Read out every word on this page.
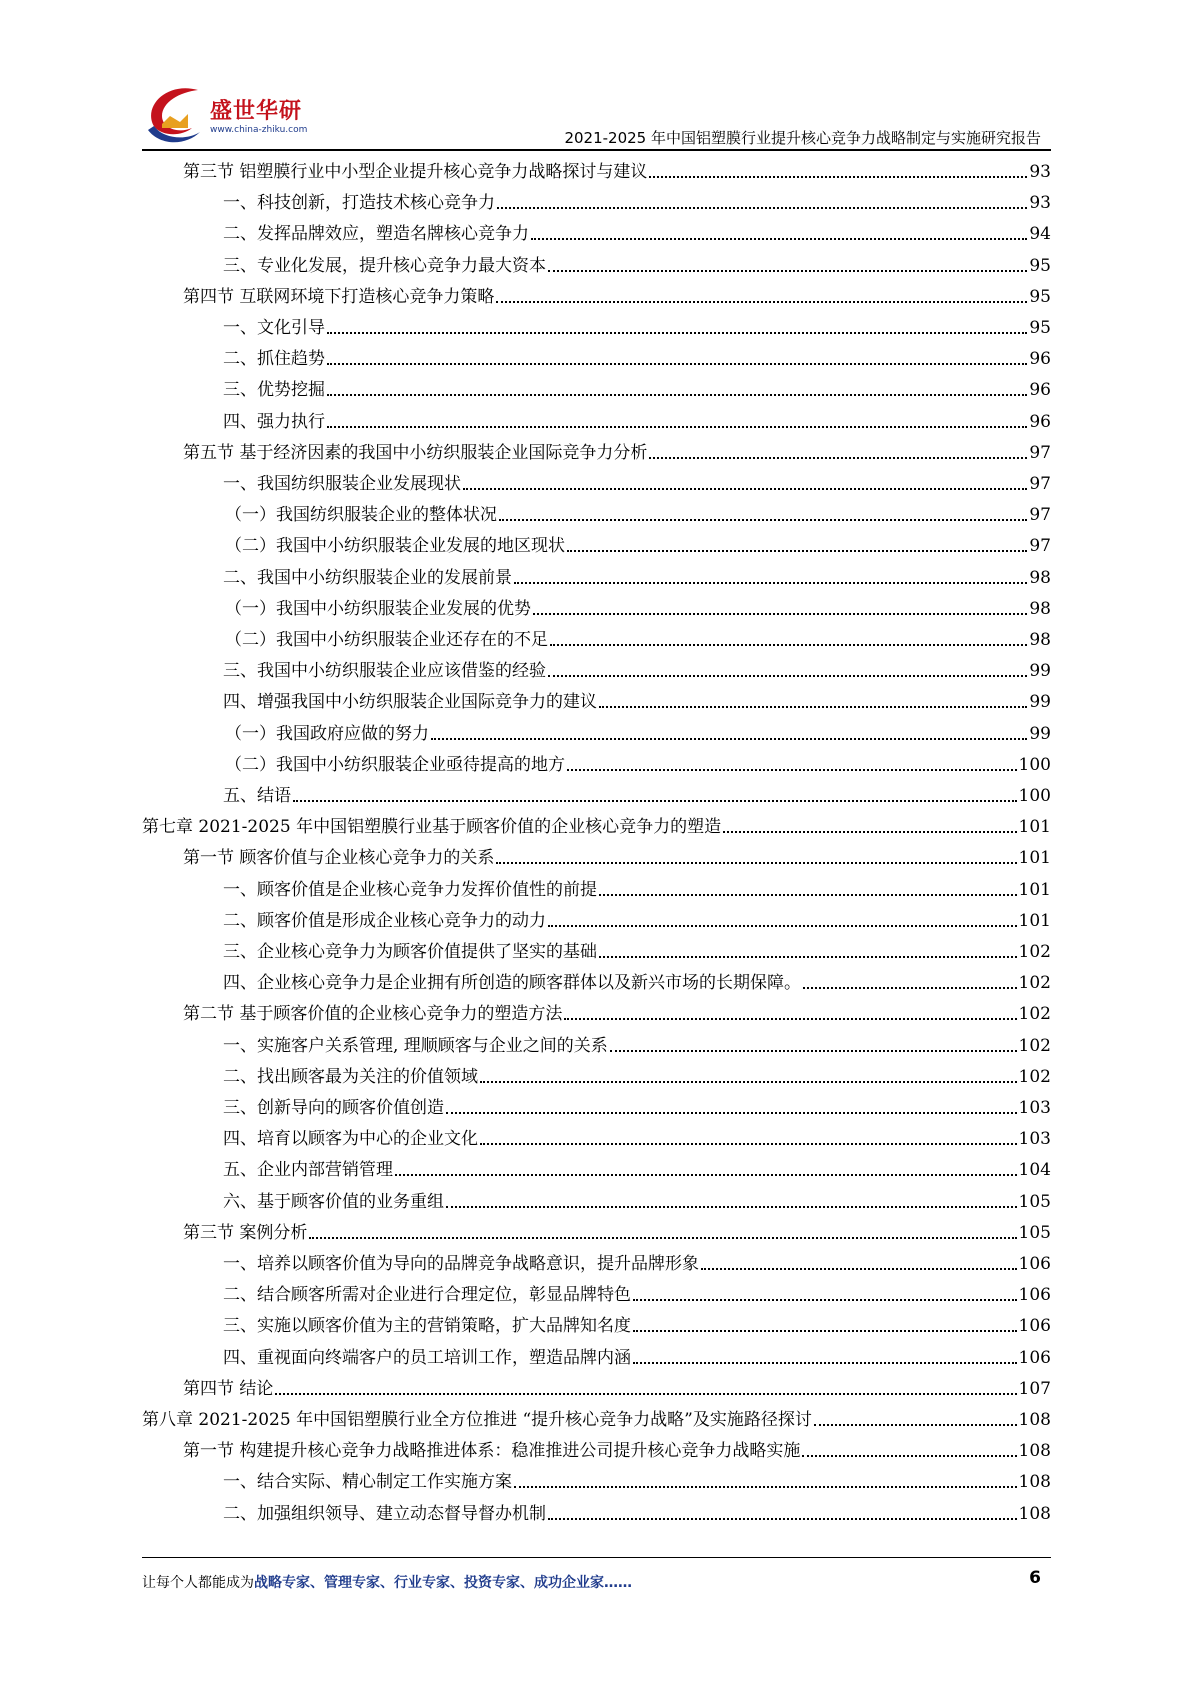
盛世华研
www.china-zhiku.com	2021-2025 年中国铝塑膜行业提升核心竞争力战略制定与实施研究报告
第三节 铝塑膜行业中小型企业提升核心竞争力战略探讨与建议	93
一、科技创新，打造技术核心竞争力	93
二、发挥品牌效应，塑造名牌核心竞争力	94
三、专业化发展，提升核心竞争力最大资本	95
第四节 互联网环境下打造核心竞争力策略	95
一、文化引导	95
二、抓住趋势	96
三、优势挖掘	96
四、强力执行	96
第五节 基于经济因素的我国中小纺织服装企业国际竞争力分析	97
一、我国纺织服装企业发展现状	97
（一）我国纺织服装企业的整体状况	97
（二）我国中小纺织服装企业发展的地区现状	97
二、我国中小纺织服装企业的发展前景	98
（一）我国中小纺织服装企业发展的优势	98
（二）我国中小纺织服装企业还存在的不足	98
三、我国中小纺织服装企业应该借鉴的经验	99
四、增强我国中小纺织服装企业国际竞争力的建议	99
（一）我国政府应做的努力	99
（二）我国中小纺织服装企业亟待提高的地方	100
五、结语	100
第七章 2021-2025 年中国铝塑膜行业基于顾客价值的企业核心竞争力的塑造	101
第一节 顾客价值与企业核心竞争力的关系	101
一、顾客价值是企业核心竞争力发挥价值性的前提	101
二、顾客价值是形成企业核心竞争力的动力	101
三、企业核心竞争力为顾客价值提供了坚实的基础	102
四、企业核心竞争力是企业拥有所创造的顾客群体以及新兴市场的长期保障。	102
第二节 基于顾客价值的企业核心竞争力的塑造方法	102
一、实施客户关系管理, 理顺顾客与企业之间的关系	102
二、找出顾客最为关注的价值领域	102
三、创新导向的顾客价值创造	103
四、培育以顾客为中心的企业文化	103
五、企业内部营销管理	104
六、基于顾客价值的业务重组	105
第三节 案例分析	105
一、培养以顾客价值为导向的品牌竞争战略意识，提升品牌形象	106
二、结合顾客所需对企业进行合理定位，彰显品牌特色	106
三、实施以顾客价值为主的营销策略，扩大品牌知名度	106
四、重视面向终端客户的员工培训工作，塑造品牌内涵	106
第四节 结论	107
第八章 2021-2025 年中国铝塑膜行业全方位推进 “提升核心竞争力战略”及实施路径探讨	108
第一节 构建提升核心竞争力战略推进体系：稳准推进公司提升核心竞争力战略实施	108
一、结合实际、精心制定工作实施方案	108
二、加强组织领导、建立动态督导督办机制	108
让每个人都能成为战略专家、管理专家、行业专家、投资专家、成功企业家……	6
